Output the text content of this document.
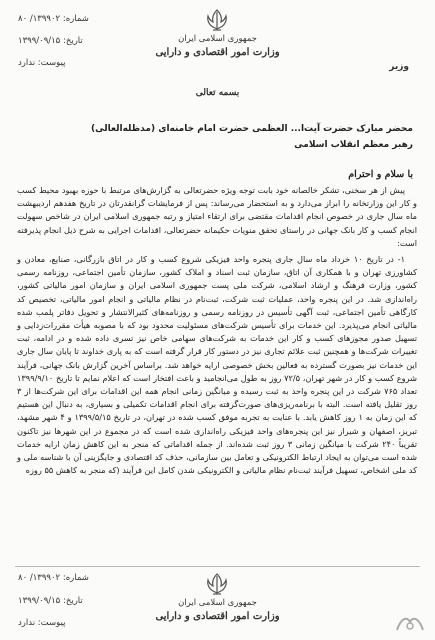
شماره: ۱۳۹۹۰۲/ ۸۰
تاریخ: ۱۳۹۹/۰۹/۱۵
پیوست: ندارد
جمهوری اسلامی ایران
وزارت امور اقتصادی و دارایی
وزیر
بسمه تعالی
محضر مبارک حضرت آیت‌ا... العظمی حضرت امام خامنه‌ای (مدظله‌العالی)
رهبر معظم انقلاب اسلامی
با سلام و احترام

پیش از هر سخنی، تشکر خالصانه خود بابت توجه ویژه حضرتعالی به گزارش‌های مرتبط با حوزه بهبود محیط کسب و کار این وزارتخانه را ابراز می‌دارد و به استحضار می‌رساند: پس از فرمایشات گرانقدرتان در تاریخ هفدهم اردیبهشت ماه سال جاری در خصوص انجام اقدامات مقتضی برای ارتقاء امتیاز و رتبه جمهوری اسلامی ایران در شاخص سهولت انجام کسب و کار بانک جهانی در راستای تحقق منویات حکیمانه حضرتعالی، اقدامات اجرایی به شرح ذیل انجام پذیرفته است:

۱- در تاریخ ۱۰ خرداد ماه سال جاری پنجره واحد فیزیکی شروع کسب و کار در اتاق بازرگانی، صنایع، معادن و کشاورزی تهران و با همکاری آن اتاق، سازمان ثبت اسناد و املاک کشور، سازمان تأمین اجتماعی، روزنامه رسمی کشور، وزارت فرهنگ و ارشاد اسلامی، شرکت ملی پست جمهوری اسلامی ایران و سازمان امور مالیاتی کشور، راه‌اندازی شد. در این پنجره واحد، عملیات ثبت شرکت، ثبت‌نام در نظام مالیاتی و انجام امور مالیاتی، تخصیص کد کارگاهی تأمین اجتماعی، ثبت آگهی تأسیس در روزنامه رسمی و روزنامه‌های کثیرالانتشار و تحویل دفاتر پلمب شده مالیاتی انجام می‌پذیرد. این خدمات برای تأسیس شرکت‌های مسئولیت محدود بود که با مصوبه هیأت مقررات‌زدایی و تسهیل صدور مجوزهای کسب و کار این خدمات به شرکت‌های سهامی خاص نیز تسری داده شده و در ادامه، ثبت تغییرات شرکت‌ها و همچنین ثبت علائم تجاری نیز در دستور کار قرار گرفته است که به پاری خداوند تا پایان سال جاری این خدمات نیز بصورت گسترده به فعالین بخش خصوصی ارایه خواهد شد. براساس آخرین گزارش بانک جهانی، فرآیند شروع کسب و کار در شهر تهران، ۷۲/۵ روز به طول می‌انجامید و باعث افتخار است که اعلام نمایم تا تاریخ ۱۳۹۹/۹/۱۰ تعداد ۷۶۵ شرکت در این پنجره واحد به ثبت رسیده و میانگین زمانی انجام همه این اقدامات برای این شرکت‌ها از ۳ روز تقلیل یافته است. البته با برنامه‌ریزی‌های صورت‌گرفته برای انجام اقدامات تکمیلی و بسیاری، به دنبال این هستیم که این زمان به ۱ روز کاهش یابد. با عنایت به تجربه موفق کسب شده در تهران، در تاریخ ۱۳۹۹/۵/۱۵ و ۴ شهر مشهد، تبریز، اصفهان و شیراز نیز این پنجره‌های واحد فیزیکی راه‌اندازی شده است که در مجموع در این شهرها نیز تاکنون تقریباً ۲۴۰ شرکت با میانگین زمانی ۳ روز ثبت شده‌اند. از جمله اقداماتی که منجر به این کاهش زمان ارایه خدمات شده است می‌توان به ایجاد ارتباط الکترونیکی و تعامل بین سازمانی، حذف کد اقتصادی و جایگزینی آن با شناسه ملی و کد ملی اشخاص، تسهیل فرآیند ثبت‌نام نظام مالیاتی و الکترونیکی شدن کامل این فرآیند (که منجر به کاهش ۵۵ روزه

شماره: ۱۳۹۹۰۲/ ۸۰
تاریخ: ۱۳۹۹/۰۹/۱۵
پیوست: ندارد
جمهوری اسلامی ایران
وزارت امور اقتصادی و دارایی
